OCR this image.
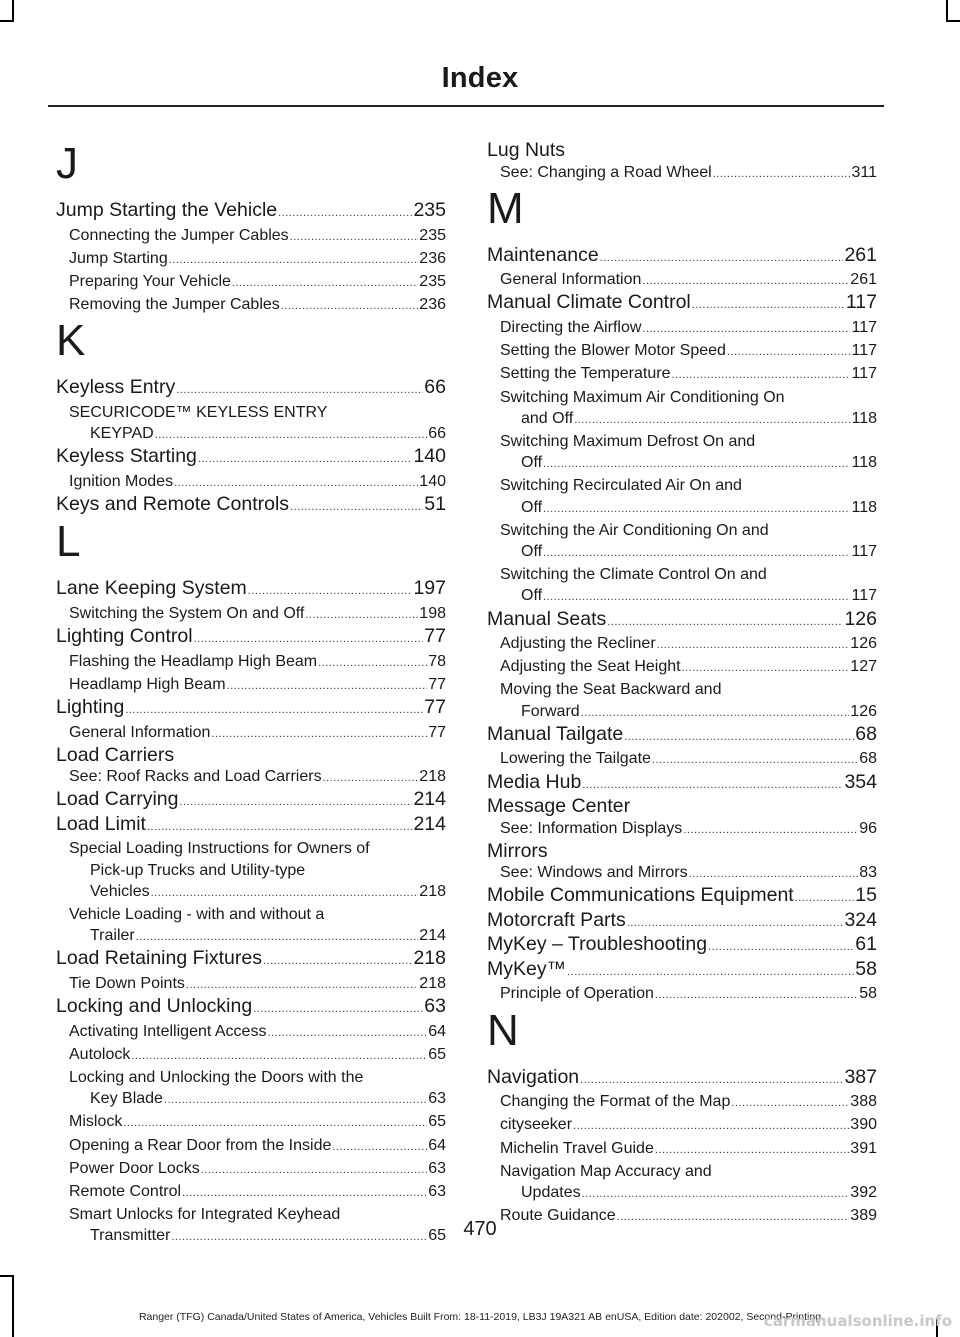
Index
J
Jump Starting the Vehicle .....	235
Connecting the Jumper Cables .....	235
Jump Starting .....	236
Preparing Your Vehicle .....	235
Removing the Jumper Cables .....	236
K
Keyless Entry .....	66
SECURICODE™ KEYLESS ENTRY
KEYPAD .....	66
Keyless Starting .....	140
Ignition Modes .....	140
Keys and Remote Controls .....	51
L
Lane Keeping System .....	197
Switching the System On and Off .....	198
Lighting Control .....	77
Flashing the Headlamp High Beam .....	78
Headlamp High Beam .....	77
Lighting .....	77
General Information .....	77
Load Carriers
See: Roof Racks and Load Carriers .....	218
Load Carrying .....	214
Load Limit .....	214
Special Loading Instructions for Owners of
Pick-up Trucks and Utility-type
Vehicles .....	218
Vehicle Loading - with and without a
Trailer .....	214
Load Retaining Fixtures .....	218
Tie Down Points .....	218
Locking and Unlocking .....	63
Activating Intelligent Access .....	64
Autolock .....	65
Locking and Unlocking the Doors with the
Key Blade .....	63
Mislock .....	65
Opening a Rear Door from the Inside .....	64
Power Door Locks .....	63
Remote Control .....	63
Smart Unlocks for Integrated Keyhead
Transmitter .....	65
Lug Nuts
See: Changing a Road Wheel .....	311
M
Maintenance .....	261
General Information .....	261
Manual Climate Control .....	117
Directing the Airflow .....	117
Setting the Blower Motor Speed .....	117
Setting the Temperature .....	117
Switching Maximum Air Conditioning On
and Off .....	118
Switching Maximum Defrost On and
Off .....	118
Switching Recirculated Air On and
Off .....	118
Switching the Air Conditioning On and
Off .....	117
Switching the Climate Control On and
Off .....	117
Manual Seats .....	126
Adjusting the Recliner .....	126
Adjusting the Seat Height .....	127
Moving the Seat Backward and
Forward .....	126
Manual Tailgate .....	68
Lowering the Tailgate .....	68
Media Hub .....	354
Message Center
See: Information Displays .....	96
Mirrors
See: Windows and Mirrors .....	83
Mobile Communications Equipment .....	15
Motorcraft Parts .....	324
MyKey – Troubleshooting .....	61
MyKey™ .....	58
Principle of Operation .....	58
N
Navigation .....	387
Changing the Format of the Map .....	388
cityseeker .....	390
Michelin Travel Guide .....	391
Navigation Map Accuracy and
Updates .....	392
Route Guidance .....	389
470
Ranger (TFG) Canada/United States of America, Vehicles Built From: 18-11-2019, LB3J 19A321 AB enUSA, Edition date: 202002, Second-Printing
carmanualsonline.info
